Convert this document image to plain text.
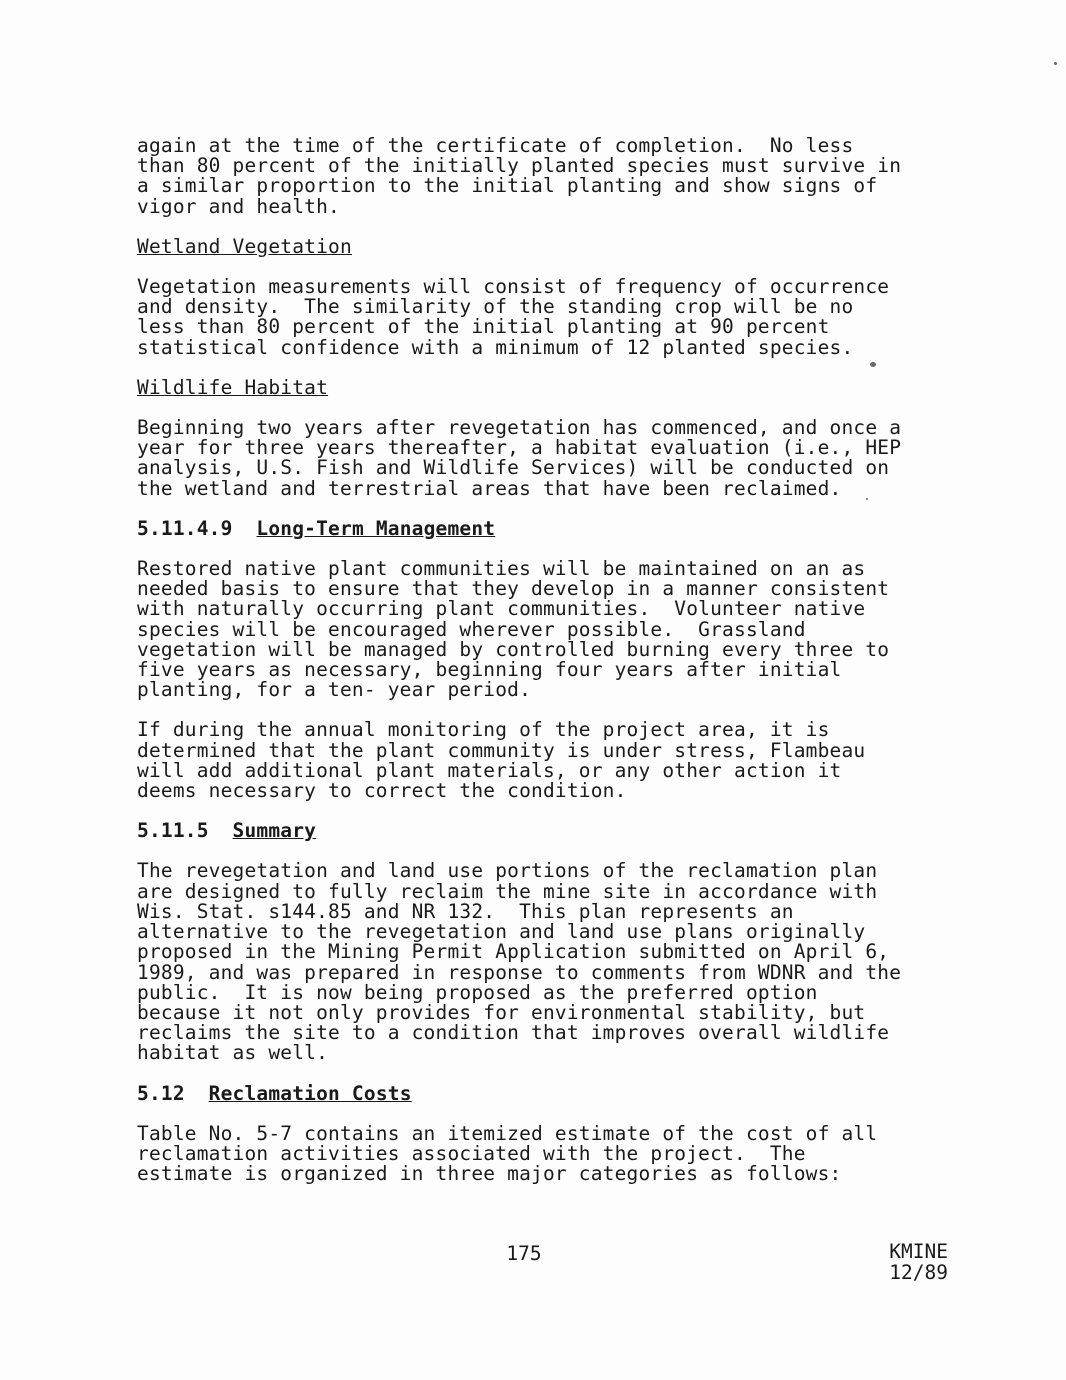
again at the time of the certificate of completion.  No less
than 80 percent of the initially planted species must survive in
a similar proportion to the initial planting and show signs of
vigor and health.

Wetland Vegetation

Vegetation measurements will consist of frequency of occurrence
and density.  The similarity of the standing crop will be no
less than 80 percent of the initial planting at 90 percent
statistical confidence with a minimum of 12 planted species.

Wildlife Habitat

Beginning two years after revegetation has commenced, and once a
year for three years thereafter, a habitat evaluation (i.e., HEP
analysis, U.S. Fish and Wildlife Services) will be conducted on
the wetland and terrestrial areas that have been reclaimed.

5.11.4.9 Long-Term Management

Restored native plant communities will be maintained on an as
needed basis to ensure that they develop in a manner consistent
with naturally occurring plant communities.  Volunteer native
species will be encouraged wherever possible.  Grassland
vegetation will be managed by controlled burning every three to
five years as necessary, beginning four years after initial
planting, for a ten- year period.

If during the annual monitoring of the project area, it is
determined that the plant community is under stress, Flambeau
will add additional plant materials, or any other action it
deems necessary to correct the condition.

5.11.5 Summary

The revegetation and land use portions of the reclamation plan
are designed to fully reclaim the mine site in accordance with
Wis. Stat. s144.85 and NR 132.  This plan represents an
alternative to the revegetation and land use plans originally
proposed in the Mining Permit Application submitted on April 6,
1989, and was prepared in response to comments from WDNR and the
public.  It is now being proposed as the preferred option
because it not only provides for environmental stability, but
reclaims the site to a condition that improves overall wildlife
habitat as well.

5.12 Reclamation Costs

Table No. 5-7 contains an itemized estimate of the cost of all
reclamation activities associated with the project.  The
estimate is organized in three major categories as follows:

175	KMINE
12/89
